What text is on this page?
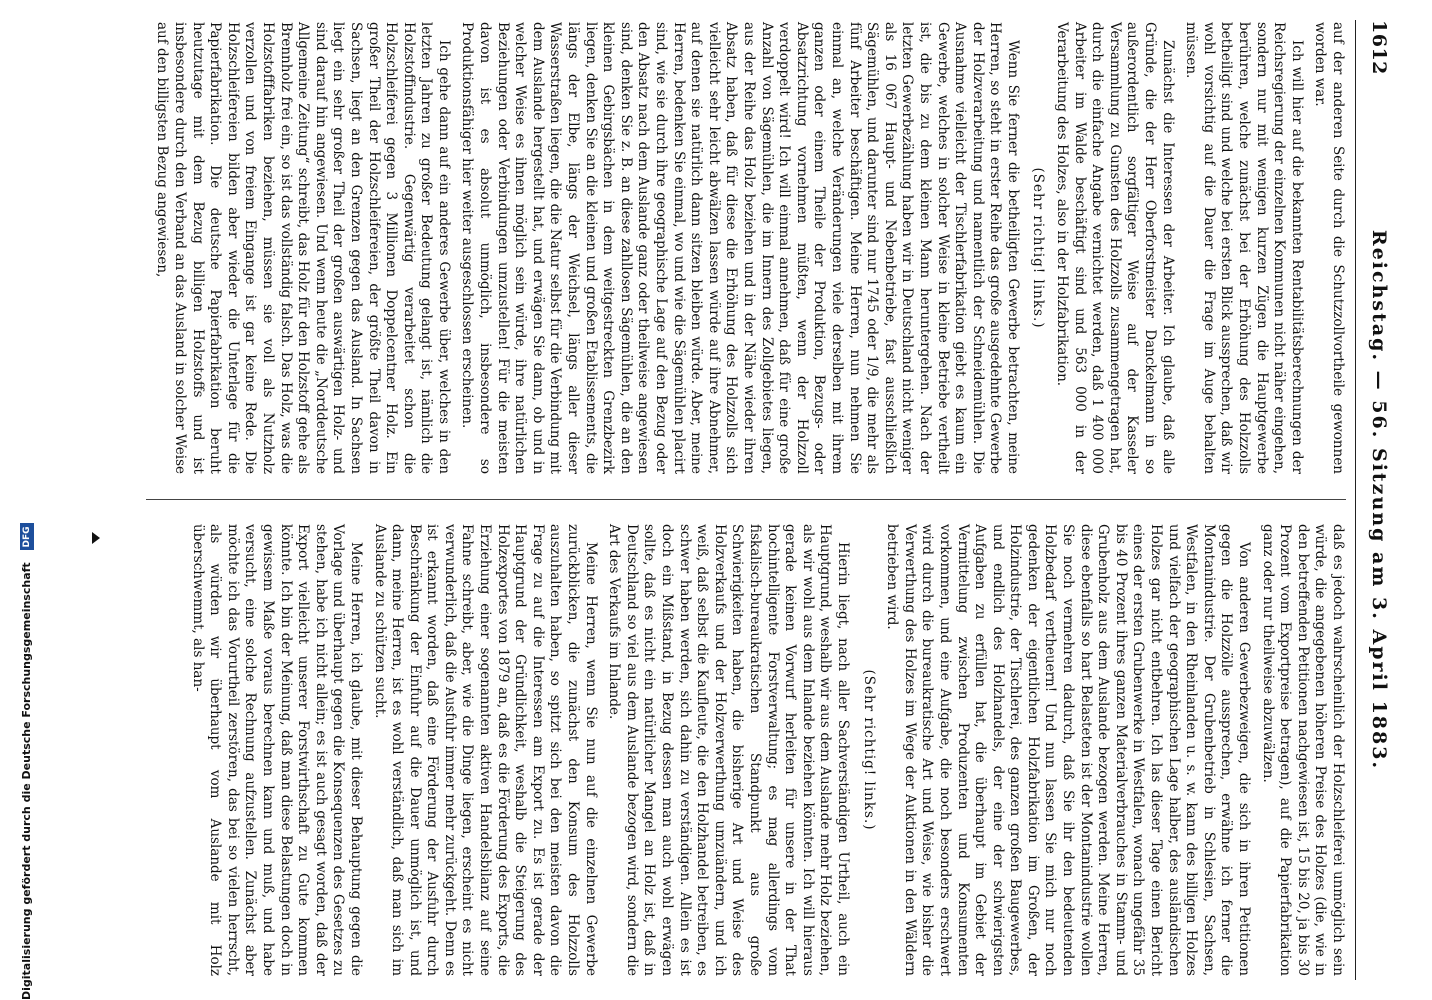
1612
Reichstag. — 56. Sitzung am 3. April 1883.

auf der anderen Seite durch die Schutzzollvortheile gewonnen worden war.

Ich will hier auf die bekannten Rentabilitätsberechnungen der Reichsregierung der einzelnen Kommunen nicht näher eingehen, sondern nur mit wenigen kurzen Zügen die Hauptgewerbe berühren, welche zunächst bei der Erhöhung des Holzzolls betheiligt sind und welche bei ersten Blick aussprechen, daß wir wohl vorsichtig auf die Dauer die Frage im Auge behalten müssen.

Zunächst die Interessen der Arbeiter. Ich glaube, daß alle Gründe, die der Herr Oberforstmeister Danckelmann in so außerordentlich sorgfältiger Weise auf der Kasseler Versammlung zu Gunsten des Holzzolls zusammengetragen hat, durch die einfache Angabe vernichtet werden, daß 1 400 000 Arbeiter im Walde beschäftigt sind und 563 000 in der Verarbeitung des Holzes, also in der Holzfabrikation.

(Sehr richtig! links.)

Wenn Sie ferner die betheiligten Gewerbe betrachten, meine Herren, so steht in erster Reihe das große ausgedehnte Gewerbe der Holzverarbeitung und namentlich der Schneidemühlen. Die Ausnahme vielleicht der Tischlerfabrikation giebt es kaum ein Gewerbe, welches in solcher Weise in kleine Betriebe vertheilt ist, die bis zu dem kleinen Mann heruntergehen. Nach der letzten Gewerbezählung haben wir in Deutschland nicht weniger als 16 067 Haupt- und Nebenbetriebe, fast ausschließlich Sägemühlen, und darunter sind nur 1745 oder 1/9, die mehr als fünf Arbeiter beschäftigen. Meine Herren, nun nehmen Sie einmal an, welche Veränderungen viele derselben mit ihrem ganzen oder einem Theile der Produktion, Bezugs- oder Absatzrichtung vornehmen müßten, wenn der Holzzoll verdoppelt wird! Ich will einmal annehmen, daß für eine große Anzahl von Sägemühlen, die im Innern des Zollgebietes liegen, aus der Reihe das Holz beziehen und in der Nähe wieder ihren Absatz haben, daß für diese die Erhöhung des Holzzolls sich vielleicht sehr leicht abwälzen lassen würde auf ihre Abnehmer, auf denen sie natürlich dann sitzen bleiben würde. Aber, meine Herren, bedenken Sie einmal, wo und wie die Sägemühlen placirt sind, wie sie durch ihre geographische Lage auf den Bezug oder den Absatz nach dem Auslande ganz oder theilweise angewiesen sind, denken Sie z. B. an diese zahllosen Sägemühlen, die an den kleinen Gebirgsbächen in dem weitgestreckten Grenzbezirk liegen, denken Sie an die kleinen und großen Etablissements, die längs der Elbe, längs der Weichsel, längs aller dieser Wasserstraßen liegen, die die Natur selbst für die Verbindung mit dem Auslande hergestellt hat, und erwägen Sie dann, ob und in welcher Weise es ihnen möglich sein würde, ihre natürlichen Beziehungen oder Verbindungen umzustellen! Für die meisten davon ist es absolut unmöglich, insbesondere so Produktionsfähiger hier weiter ausgeschlossen erscheinen.

Ich gehe dann auf ein anderes Gewerbe über, welches in den letzten Jahren zu großer Bedeutung gelangt ist, nämlich die Holzstoffindustrie. Gegenwärtig verarbeitet schon die Holzschleiferei gegen 3 Millionen Doppelcentner Holz. Ein großer Theil der Holzschleifereien, der größte Theil davon in Sachsen, liegt an den Grenzen gegen das Ausland. In Sachsen liegt ein sehr großer Theil der großen auswärtigen Holz- und sind darauf hin angewiesen. Und wenn heute die „Norddeutsche Allgemeine Zeitung“ schreibt, das Holz für den Holzstoff gehe als Brennholz frei ein, so ist das vollständig falsch. Das Holz, was die Holzstofffabriken beziehen, müssen sie voll als Nutzholz verzollen und von freiem Eingange ist gar keine Rede. Die Holzschleifereien bilden aber wieder die Unterlage für die Papierfabrikation. Die deutsche Papierfabrikation beruht heutzutage mit dem Bezug billigen Holzstoffs und ist insbesondere durch den Verband an das Ausland in solcher Weise auf den billigsten Bezug angewiesen,

daß es jedoch wahrscheinlich der Holzschleiferei unmöglich sein würde, die angegebenen höheren Preise des Holzes (die, wie in den betreffenden Petitionen nachgewiesen ist, 15 bis 20, ja bis 30 Prozent vom Exportpreise betragen), auf die Papierfabrikation ganz oder nur theilweise abzuwälzen.

Von anderen Gewerbezweigen, die sich in ihren Petitionen gegen die Holzzölle aussprechen, erwähne ich ferner die Montanindustrie. Der Grubenbetrieb in Schlesien, Sachsen, Westfalen, in den Rheinlanden u. s. w. kann des billigen Holzes und vielfach der geographischen Lage halber, des ausländischen Holzes gar nicht entbehren. Ich las dieser Tage einen Bericht eines der ersten Grubenwerke in Westfalen, wonach ungefähr 35 bis 40 Prozent ihres ganzen Materialverbrauches in Stamm- und Grubenholz aus dem Auslande bezogen werden. Meine Herren, diese ebenfalls so hart Belasteten ist der Montanindustrie wollen Sie noch vermehren dadurch, daß Sie ihr den bedeutenden Holzbedarf vertheuern! Und nun lassen Sie mich nur noch gedenken der eigentlichen Holzfabrikation im Großen, der Holzindustrie, der Tischlerei, des ganzen großen Baugewerbes, und endlich des Holzhandels, der eine der schwierigsten Aufgaben zu erfüllen hat, die überhaupt im Gebiet der Vermittelung zwischen Produzenten und Konsumenten vorkommen, und eine Aufgabe, die noch besonders erschwert wird durch die bureaukratische Art und Weise, wie bisher die Verwerthung des Holzes im Wege der Auktionen in den Wäldern betrieben wird.

(Sehr richtig! links.)

Hierin liegt, nach aller Sachverständigen Urtheil, auch ein Hauptgrund, weshalb wir aus dem Auslande mehr Holz beziehen, als wir wohl aus dem Inlande beziehen könnten. Ich will hieraus gerade keinen Vorwurf herleiten für unsere in der That hochintelligente Forstverwaltung; es mag allerdings vom fiskalisch-bureaukratischen Standpunkt aus große Schwierigkeiten haben, die bisherige Art und Weise des Holzverkaufs und der Holzverwerthung umzuändern, und ich weiß, daß selbst die Kaufleute, die den Holzhandel betreiben, es schwer haben werden, sich dahin zu verständigen. Allein es ist doch ein Mißstand, in Bezug dessen man auch wohl erwägen sollte, daß es nicht ein natürlicher Mangel an Holz ist, daß in Deutschland so viel aus dem Auslande bezogen wird, sondern die Art des Verkaufs im Inlande.

Meine Herren, wenn Sie nun auf die einzelnen Gewerbe zurückblicken, die zunächst den Konsum des Holzzolls auszuhalten haben, so spitzt sich bei den meisten davon die Frage zu auf die Interessen am Export zu. Es ist gerade der Hauptgrund der Gründlichkeit, weshalb die Steigerung des Holzexportes von 1879 an, daß es die Förderung des Exports, die Erziehung einer sogenannten aktiven Handelsbilanz auf seine Fahne schreibt, aber, wie die Dinge liegen, erscheint es nicht verwunderlich, daß die Ausfuhr immer mehr zurückgeht. Denn es ist erkannt worden, daß eine Förderung der Ausfuhr durch Beschränkung der Einfuhr auf die Dauer unmöglich ist, und dann, meine Herren, ist es wohl verständlich, daß man sich im Auslande zu schützen sucht.

Meine Herren, ich glaube, mit dieser Behauptung gegen die Vorlage und überhaupt gegen die Konsequenzen des Gesetzes zu stehen, habe ich nicht allein; es ist auch gesagt worden, daß der Export vielleicht unserer Forstwirthschaft zu Gute kommen könnte. Ich bin der Meinung, daß man diese Belastungen doch in gewissem Maße voraus berechnen kann und muß, und habe versucht, eine solche Rechnung aufzustellen. Zunächst aber möchte ich das Vorurtheil zerstören, das bei so vielen herrscht, als würden wir überhaupt vom Auslande mit Holz überschwemmt, als han-

Digitalisierung gefördert durch die Deutsche Forschungsgemeinschaft DFG
